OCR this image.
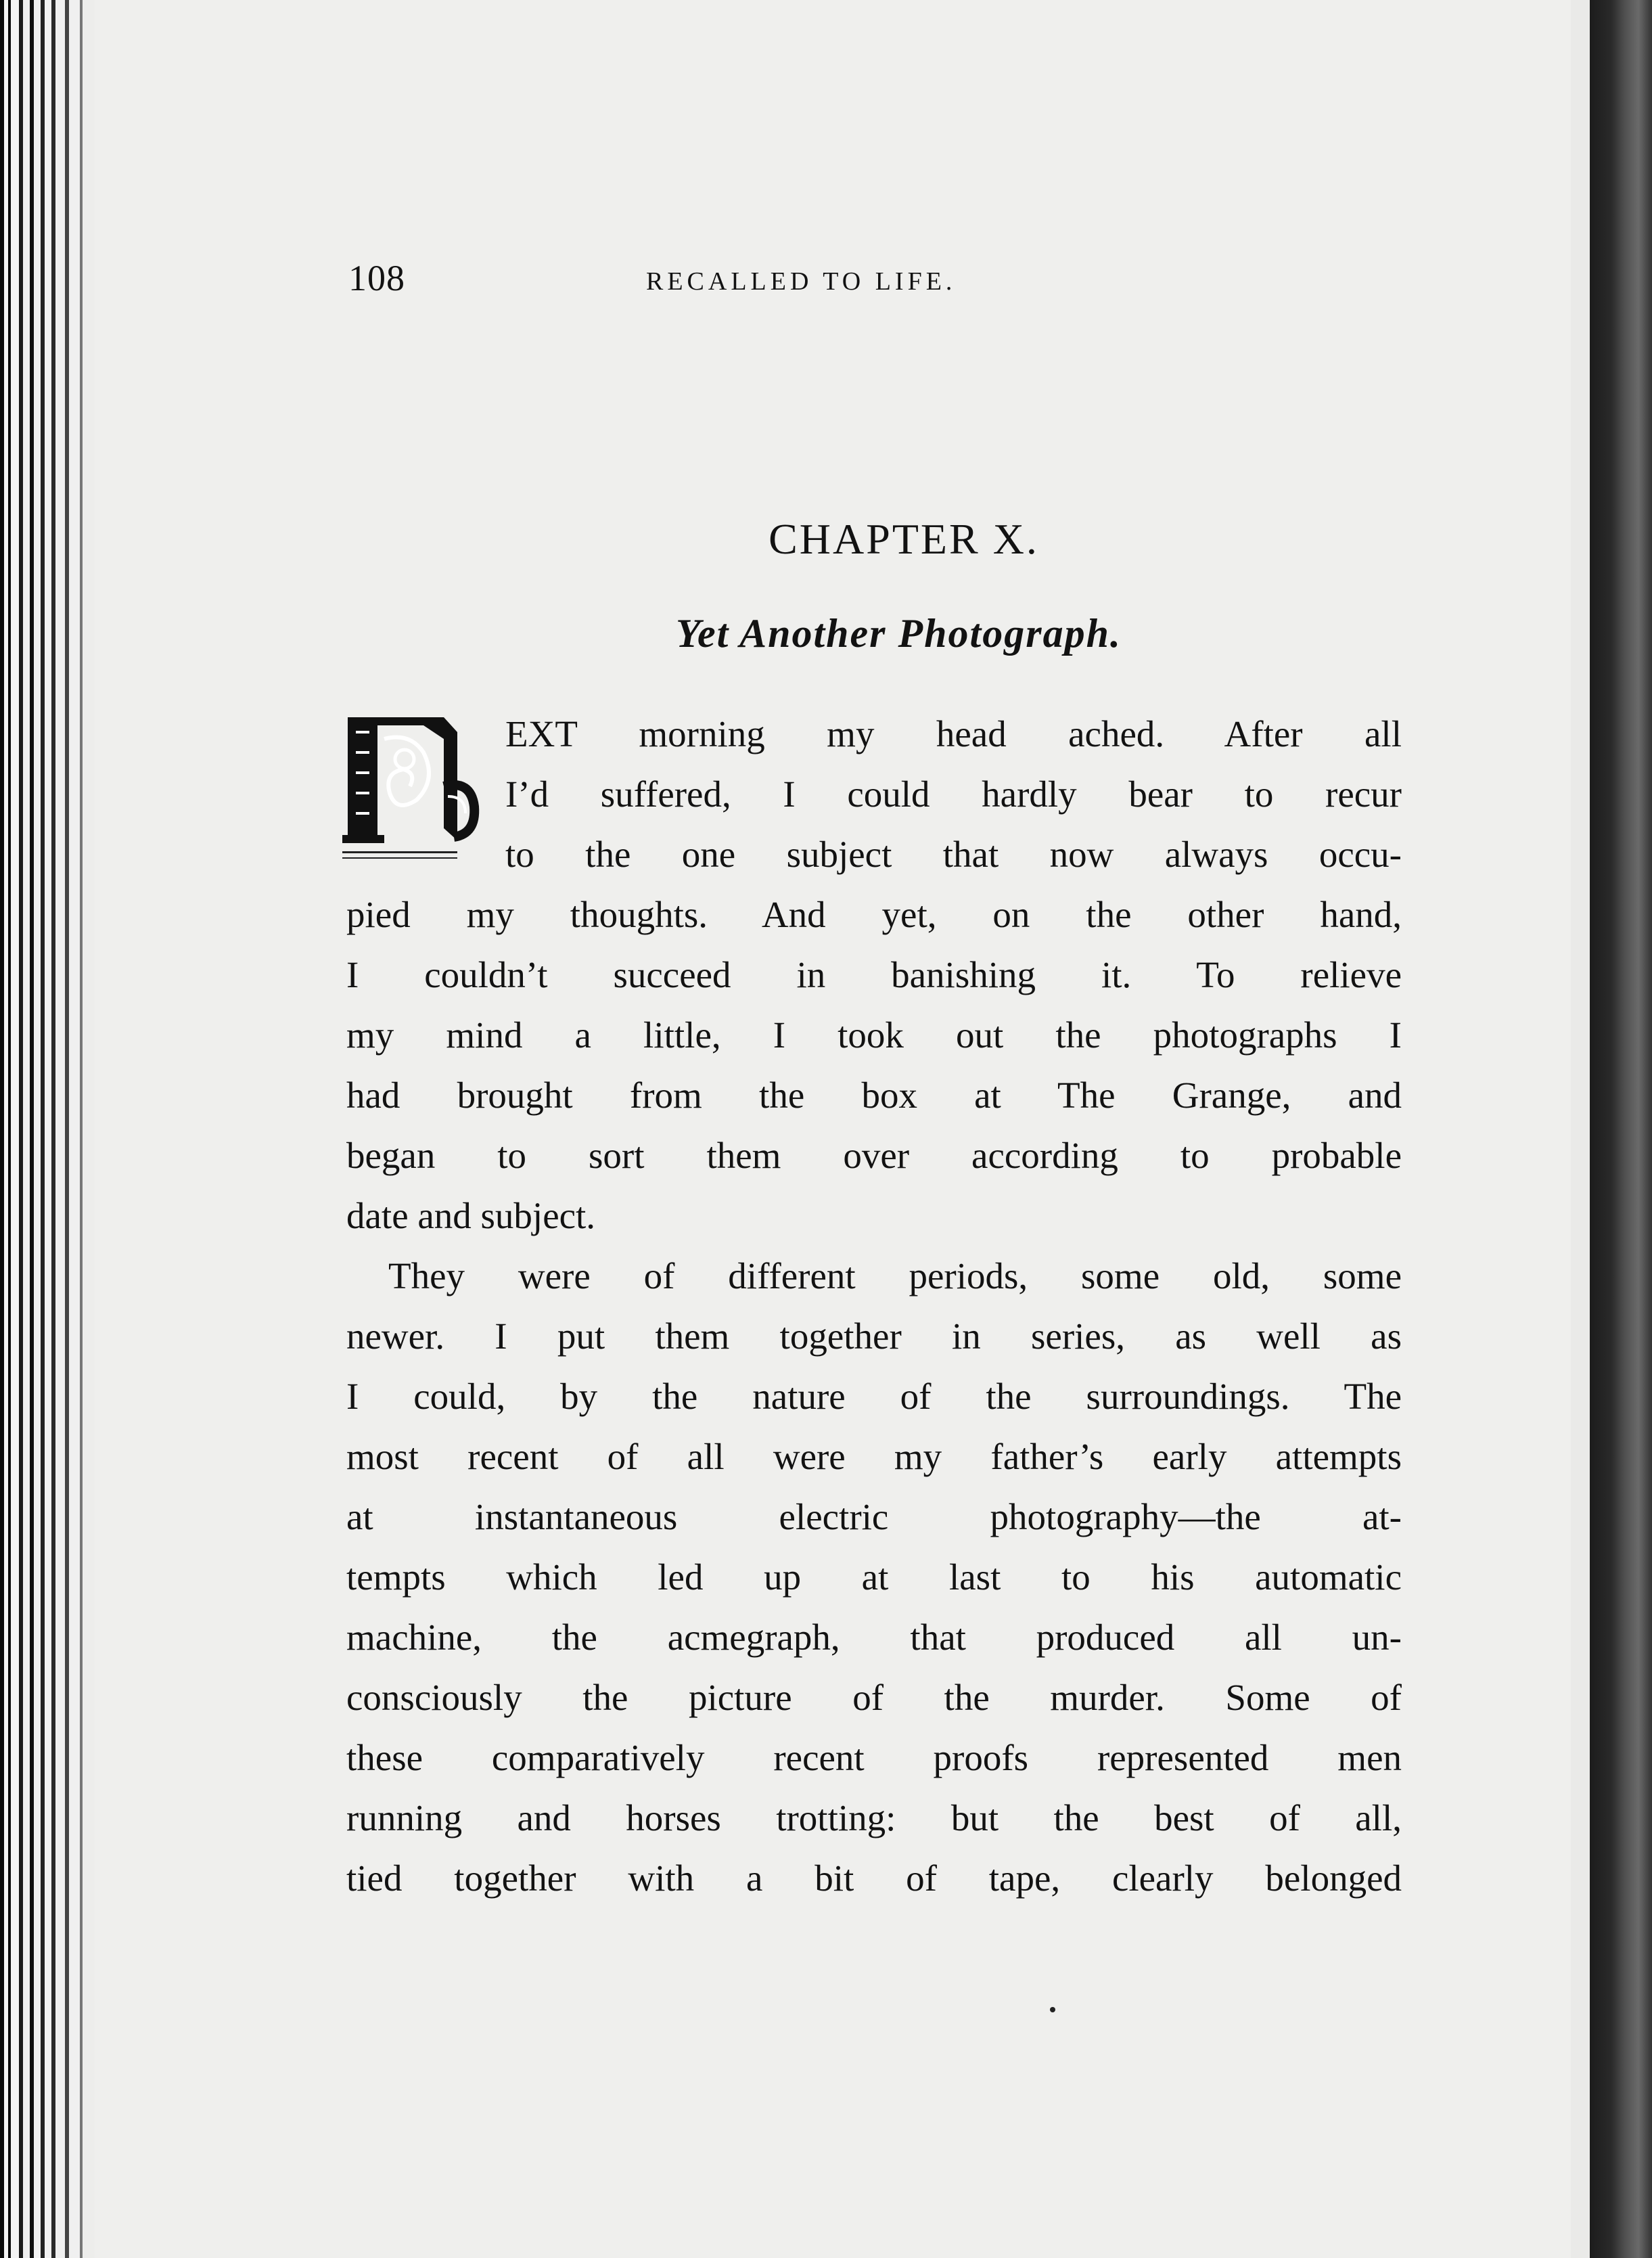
108	RECALLED TO LIFE.
CHAPTER X.
Yet Another Photograph.
EXT morning my head ached. After all
I’d suffered, I could hardly bear to recur
to the one subject that now always occu-
pied my thoughts. And yet, on the other hand,
I couldn’t succeed in banishing it. To relieve
my mind a little, I took out the photographs I
had brought from the box at The Grange, and
began to sort them over according to probable
date and subject.
They were of different periods, some old, some
newer. I put them together in series, as well as
I could, by the nature of the surroundings. The
most recent of all were my father’s early attempts
at instantaneous electric photography—the at-
tempts which led up at last to his automatic
machine, the acmegraph, that produced all un-
consciously the picture of the murder. Some of
these comparatively recent proofs represented men
running and horses trotting: but the best of all,
tied together with a bit of tape, clearly belonged
